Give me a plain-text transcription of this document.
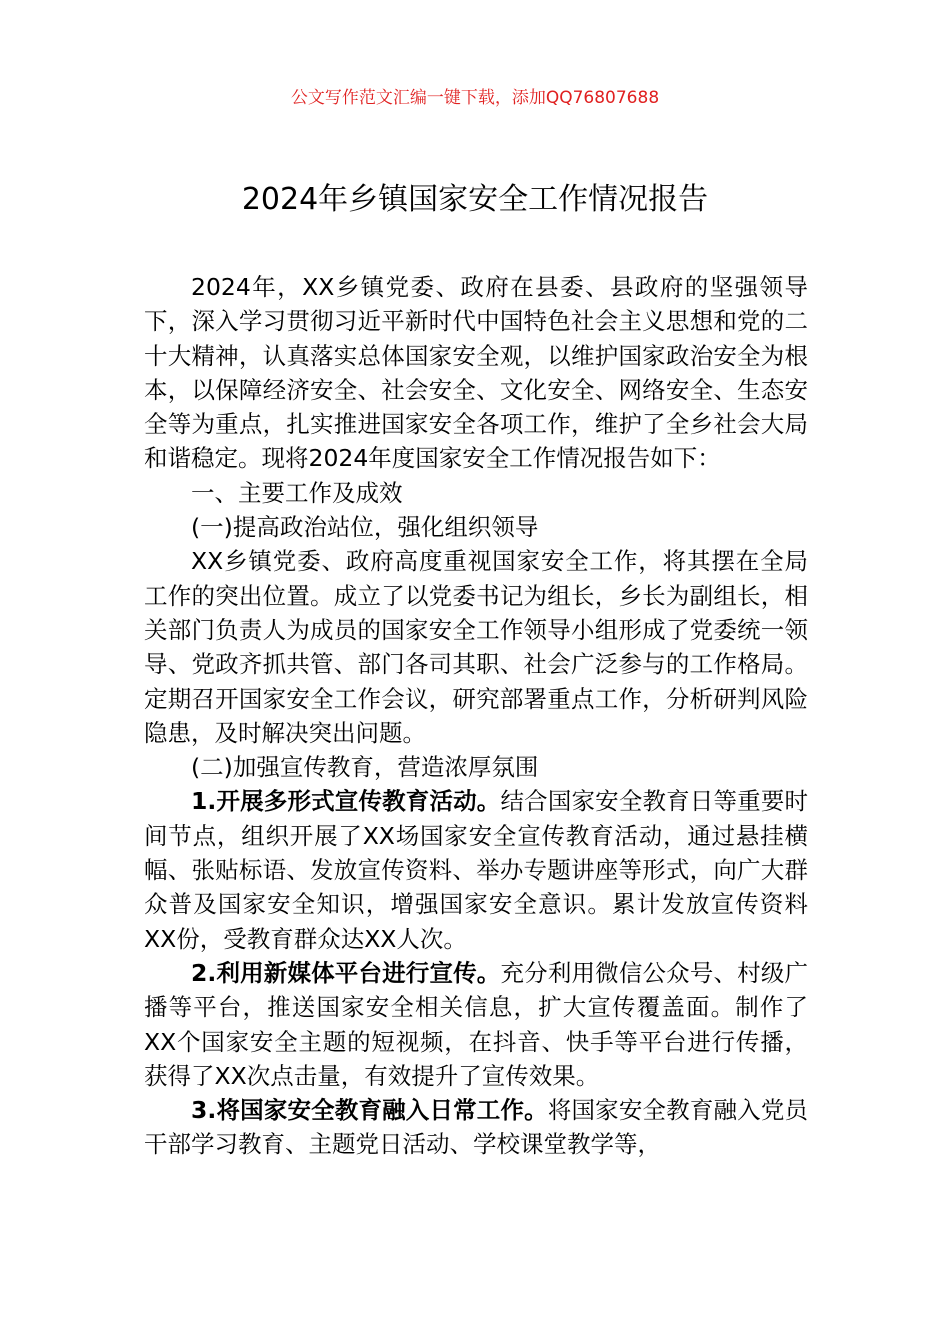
公文写作范文汇编一键下载，添加QQ76807688
2024年乡镇国家安全工作情况报告

2024年，XX乡镇党委、政府在县委、县政府的坚强领导下，深入学习贯彻习近平新时代中国特色社会主义思想和党的二十大精神，认真落实总体国家安全观，以维护国家政治安全为根本，以保障经济安全、社会安全、文化安全、网络安全、生态安全等为重点，扎实推进国家安全各项工作，维护了全乡社会大局和谐稳定。现将2024年度国家安全工作情况报告如下：

一、主要工作及成效

(一)提高政治站位，强化组织领导

XX乡镇党委、政府高度重视国家安全工作，将其摆在全局工作的突出位置。成立了以党委书记为组长，乡长为副组长，相关部门负责人为成员的国家安全工作领导小组形成了党委统一领导、党政齐抓共管、部门各司其职、社会广泛参与的工作格局。定期召开国家安全工作会议，研究部署重点工作，分析研判风险隐患，及时解决突出问题。

(二)加强宣传教育，营造浓厚氛围

1.开展多形式宣传教育活动。结合国家安全教育日等重要时间节点，组织开展了XX场国家安全宣传教育活动，通过悬挂横幅、张贴标语、发放宣传资料、举办专题讲座等形式，向广大群众普及国家安全知识，增强国家安全意识。累计发放宣传资料XX份，受教育群众达XX人次。

2.利用新媒体平台进行宣传。充分利用微信公众号、村级广播等平台，推送国家安全相关信息，扩大宣传覆盖面。制作了XX个国家安全主题的短视频，在抖音、快手等平台进行传播，获得了XX次点击量，有效提升了宣传效果。

3.将国家安全教育融入日常工作。将国家安全教育融入党员干部学习教育、主题党日活动、学校课堂教学等，
